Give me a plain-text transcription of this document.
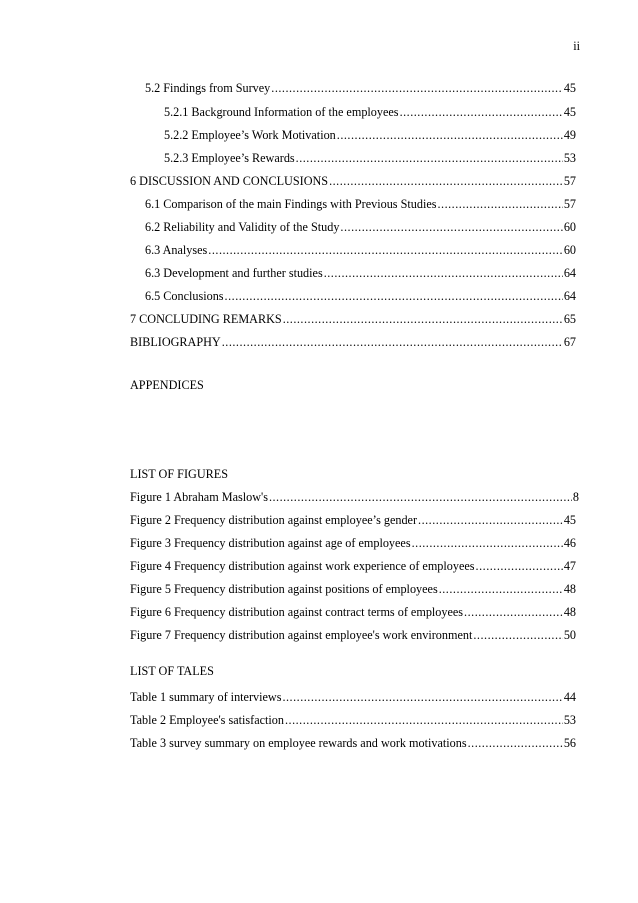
ii
5.2 Findings from Survey .....	45
5.2.1 Background Information of the employees .....	45
5.2.2 Employee’s Work Motivation .....	49
5.2.3 Employee’s Rewards .....	53
6 DISCUSSION AND CONCLUSIONS .....	57
6.1 Comparison of the main Findings with Previous Studies .....	57
6.2 Reliability and Validity of the Study .....	60
6.3 Analyses .....	60
6.3 Development and further studies .....	64
6.5 Conclusions .....	64
7 CONCLUDING REMARKS .....	65
BIBLIOGRAPHY .....	67
APPENDICES
LIST OF FIGURES
Figure 1 Abraham Maslow's .....	8
Figure 2 Frequency distribution against employee’s gender .....	45
Figure 3 Frequency distribution against age of employees .....	46
Figure 4 Frequency distribution against work experience of employees .....	47
Figure 5 Frequency distribution against positions of employees .....	48
Figure 6 Frequency distribution against contract terms of employees .....	48
Figure 7 Frequency distribution against employee's work environment .....	50
LIST OF TALES
Table 1 summary of interviews .....	44
Table 2 Employee's satisfaction .....	53
Table 3 survey summary on employee rewards and work motivations .....	56
